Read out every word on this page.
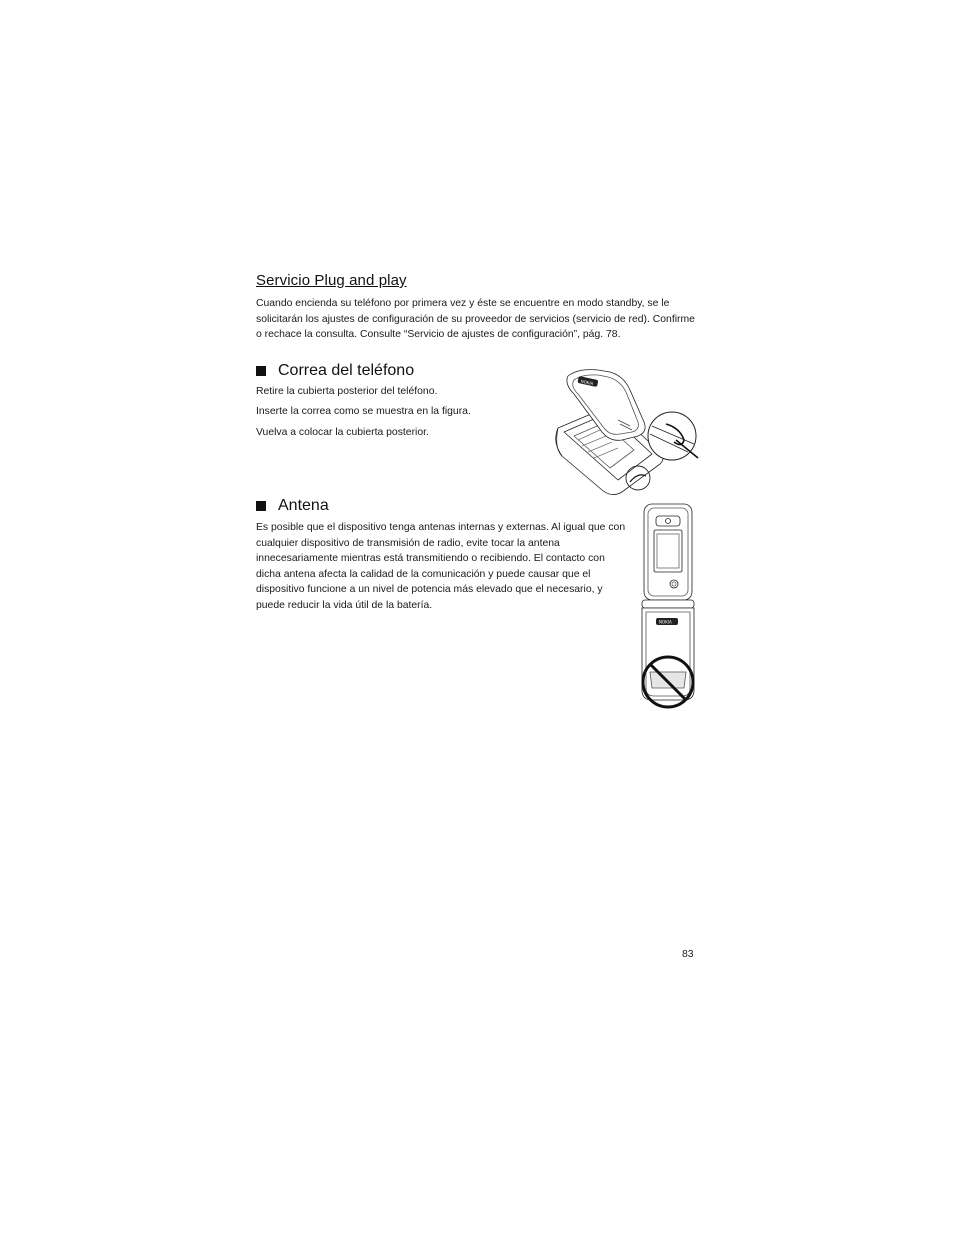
Servicio Plug and play

Cuando encienda su teléfono por primera vez y éste se encuentre en modo standby, se le solicitarán los ajustes de configuración de su proveedor de servicios (servicio de red). Confirme o rechace la consulta. Consulte “Servicio de ajustes de configuración”, pág. 78.

Correa del teléfono

Retire la cubierta posterior del teléfono.

Inserte la correa como se muestra en la figura.

Vuelva a colocar la cubierta posterior.

NOKIA
Antena

Es posible que el dispositivo tenga antenas internas y externas. Al igual que con cualquier dispositivo de transmisión de radio, evite tocar la antena innecesariamente mientras está transmitiendo o recibiendo. El contacto con dicha antena afecta la calidad de la comunicación y puede causar que el dispositivo funcione a un nivel de potencia más elevado que el necesario, y puede reducir la vida útil de la batería.

NOKIA
83
